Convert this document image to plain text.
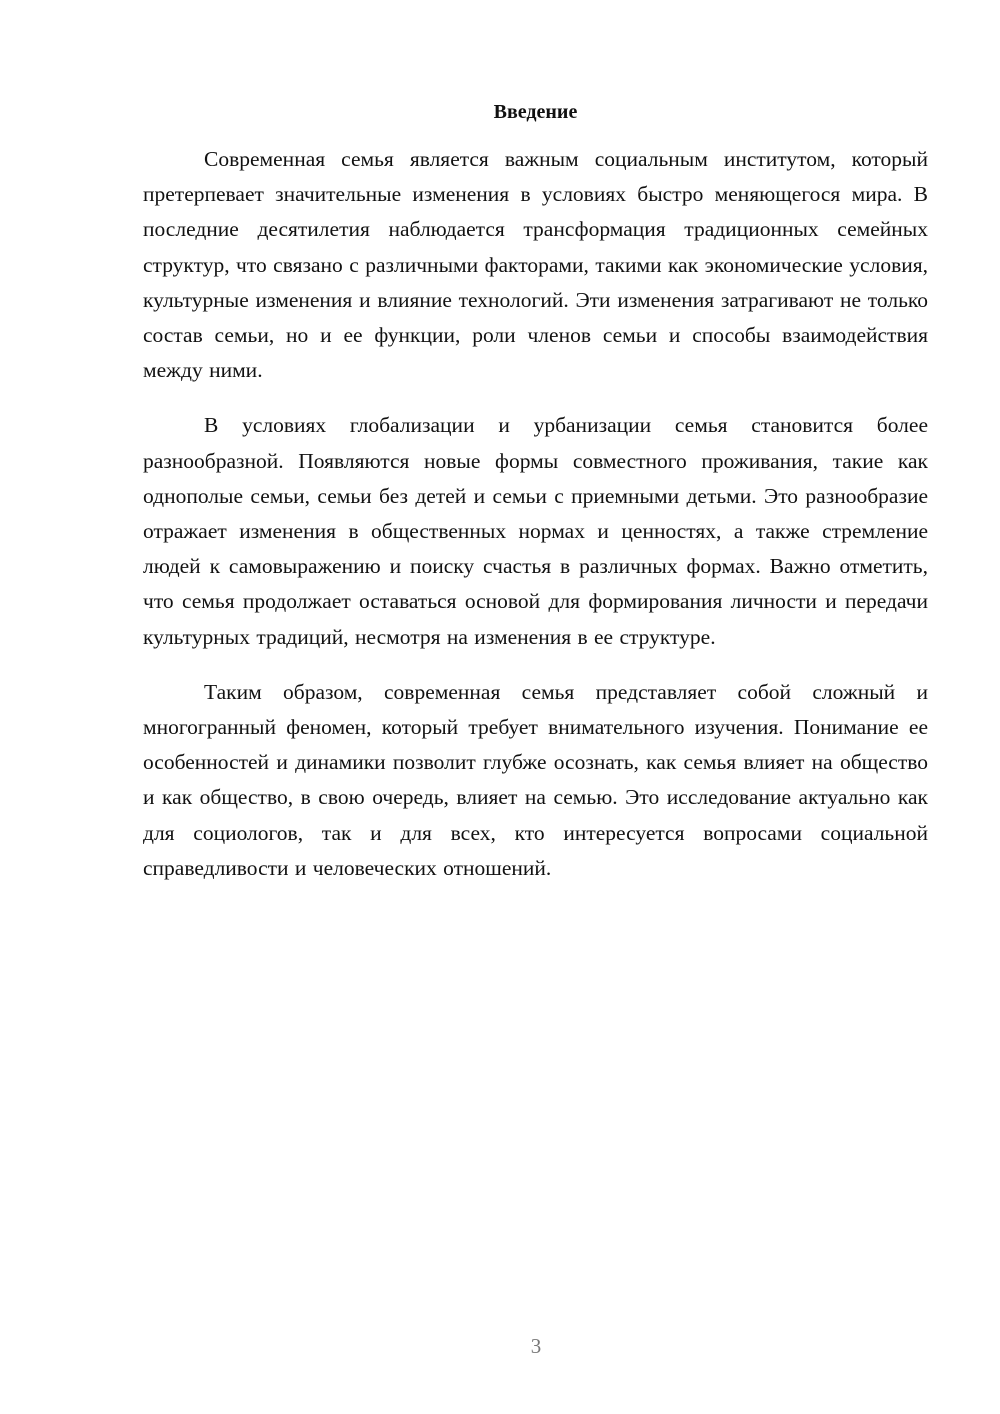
Введение

Современная семья является важным социальным институтом, который претерпевает значительные изменения в условиях быстро меняющегося мира. В последние десятилетия наблюдается трансформация традиционных семейных структур, что связано с различными факторами, такими как экономические условия, культурные изменения и влияние технологий. Эти изменения затрагивают не только состав семьи, но и ее функции, роли членов семьи и способы взаимодействия между ними.

В условиях глобализации и урбанизации семья становится более разнообразной. Появляются новые формы совместного проживания, такие как однополые семьи, семьи без детей и семьи с приемными детьми. Это разнообразие отражает изменения в общественных нормах и ценностях, а также стремление людей к самовыражению и поиску счастья в различных формах. Важно отметить, что семья продолжает оставаться основой для формирования личности и передачи культурных традиций, несмотря на изменения в ее структуре.

Таким образом, современная семья представляет собой сложный и многогранный феномен, который требует внимательного изучения. Понимание ее особенностей и динамики позволит глубже осознать, как семья влияет на общество и как общество, в свою очередь, влияет на семью. Это исследование актуально как для социологов, так и для всех, кто интересуется вопросами социальной справедливости и человеческих отношений.

3
